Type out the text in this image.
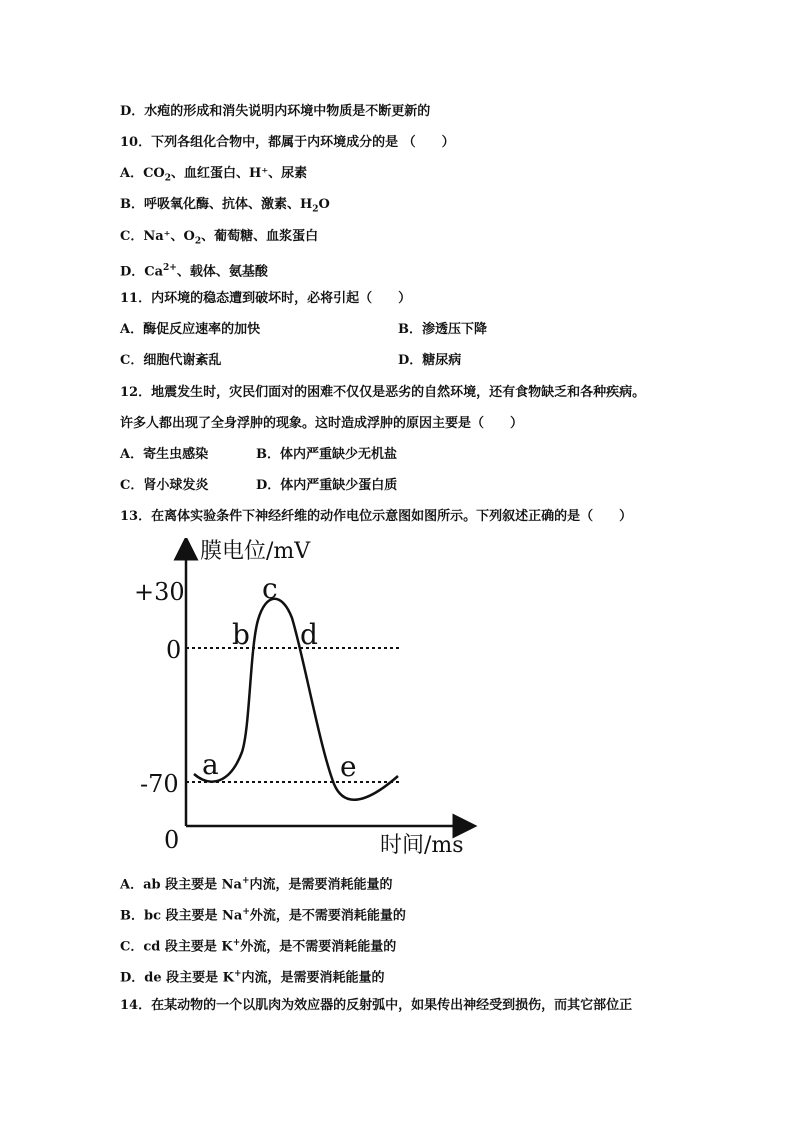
D．水疱的形成和消失说明内环境中物质是不断更新的
10．下列各组化合物中，都属于内环境成分的是 （　　）
A．$CO_2$、血红蛋白、H⁺、尿素
B．呼吸氧化酶、抗体、激素、$H_2O$
C．Na⁺、$O_2$、葡萄糖、血浆蛋白
D．$Ca^{2+}$、载体、氨基酸
11．内环境的稳态遭到破坏时，必将引起（　　）
A．酶促反应速率的加快	B．渗透压下降
C．细胞代谢紊乱	D．糖尿病
12．地震发生时，灾民们面对的困难不仅仅是恶劣的自然环境，还有食物缺乏和各种疾病。
许多人都出现了全身浮肿的现象。这时造成浮肿的原因主要是（　　）
A．寄生虫感染	B．体内严重缺少无机盐
C．肾小球发炎	D．体内严重缺少蛋白质
13．在离体实验条件下神经纤维的动作电位示意图如图所示。下列叙述正确的是（　　）
膜电位/mV
时间/ms
0
+30
0
-70
a
b
c
d
e
A．ab 段主要是 Na+内流，是需要消耗能量的
B．bc 段主要是 Na+外流，是不需要消耗能量的
C．cd 段主要是 K+外流，是不需要消耗能量的
D．de 段主要是 K+内流，是需要消耗能量的
14．在某动物的一个以肌肉为效应器的反射弧中，如果传出神经受到损伤，而其它部位正
